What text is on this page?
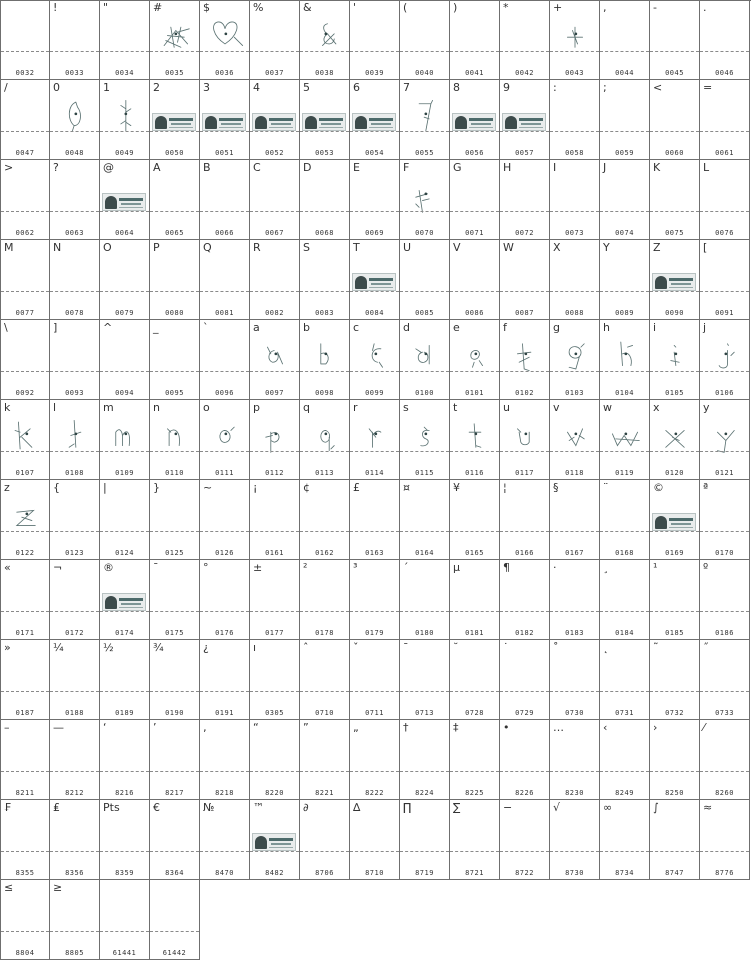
0032
!
0033
"
0034
#
0035
$
0036
%
0037
&
0038
'
0039
(
0040
)
0041
*
0042
+
0043
,
0044
-
0045
.
0046
/
0047
0
0048
1
0049
2
0050
3
0051
4
0052
5
0053
6
0054
7
0055
8
0056
9
0057
:
0058
;
0059
<
0060
=
0061
>
0062
?
0063
@
0064
A
0065
B
0066
C
0067
D
0068
E
0069
F
0070
G
0071
H
0072
I
0073
J
0074
K
0075
L
0076
M
0077
N
0078
O
0079
P
0080
Q
0081
R
0082
S
0083
T
0084
U
0085
V
0086
W
0087
X
0088
Y
0089
Z
0090
[
0091
\
0092
]
0093
^
0094
_
0095
`
0096
a
0097
b
0098
c
0099
d
0100
e
0101
f
0102
g
0103
h
0104
i
0105
j
0106
k
0107
l
0108
m
0109
n
0110
o
0111
p
0112
q
0113
r
0114
s
0115
t
0116
u
0117
v
0118
w
0119
x
0120
y
0121
z
0122
{
0123
|
0124
}
0125
~
0126
¡
0161
¢
0162
£
0163
¤
0164
¥
0165
¦
0166
§
0167
¨
0168
©
0169
ª
0170
«
0171
¬
0172
®
0174
¯
0175
°
0176
±
0177
²
0178
³
0179
´
0180
µ
0181
¶
0182
·
0183
¸
0184
¹
0185
º
0186
»
0187
¼
0188
½
0189
¾
0190
¿
0191
ı
0305
ˆ
0710
ˇ
0711
ˉ
0713
˘
0728
˙
0729
˚
0730
˛
0731
˜
0732
˝
0733
–
8211
—
8212
‘
8216
’
8217
‚
8218
“
8220
”
8221
„
8222
†
8224
‡
8225
•
8226
…
8230
‹
8249
›
8250
⁄
8260
₣
8355
₤
8356
Pts
8359
€
8364
№
8470
™
8482
∂
8706
∆
8710
∏
8719
∑
8721
−
8722
√
8730
∞
8734
∫
8747
≈
8776
≤
8804
≥
8805	61441	61442
